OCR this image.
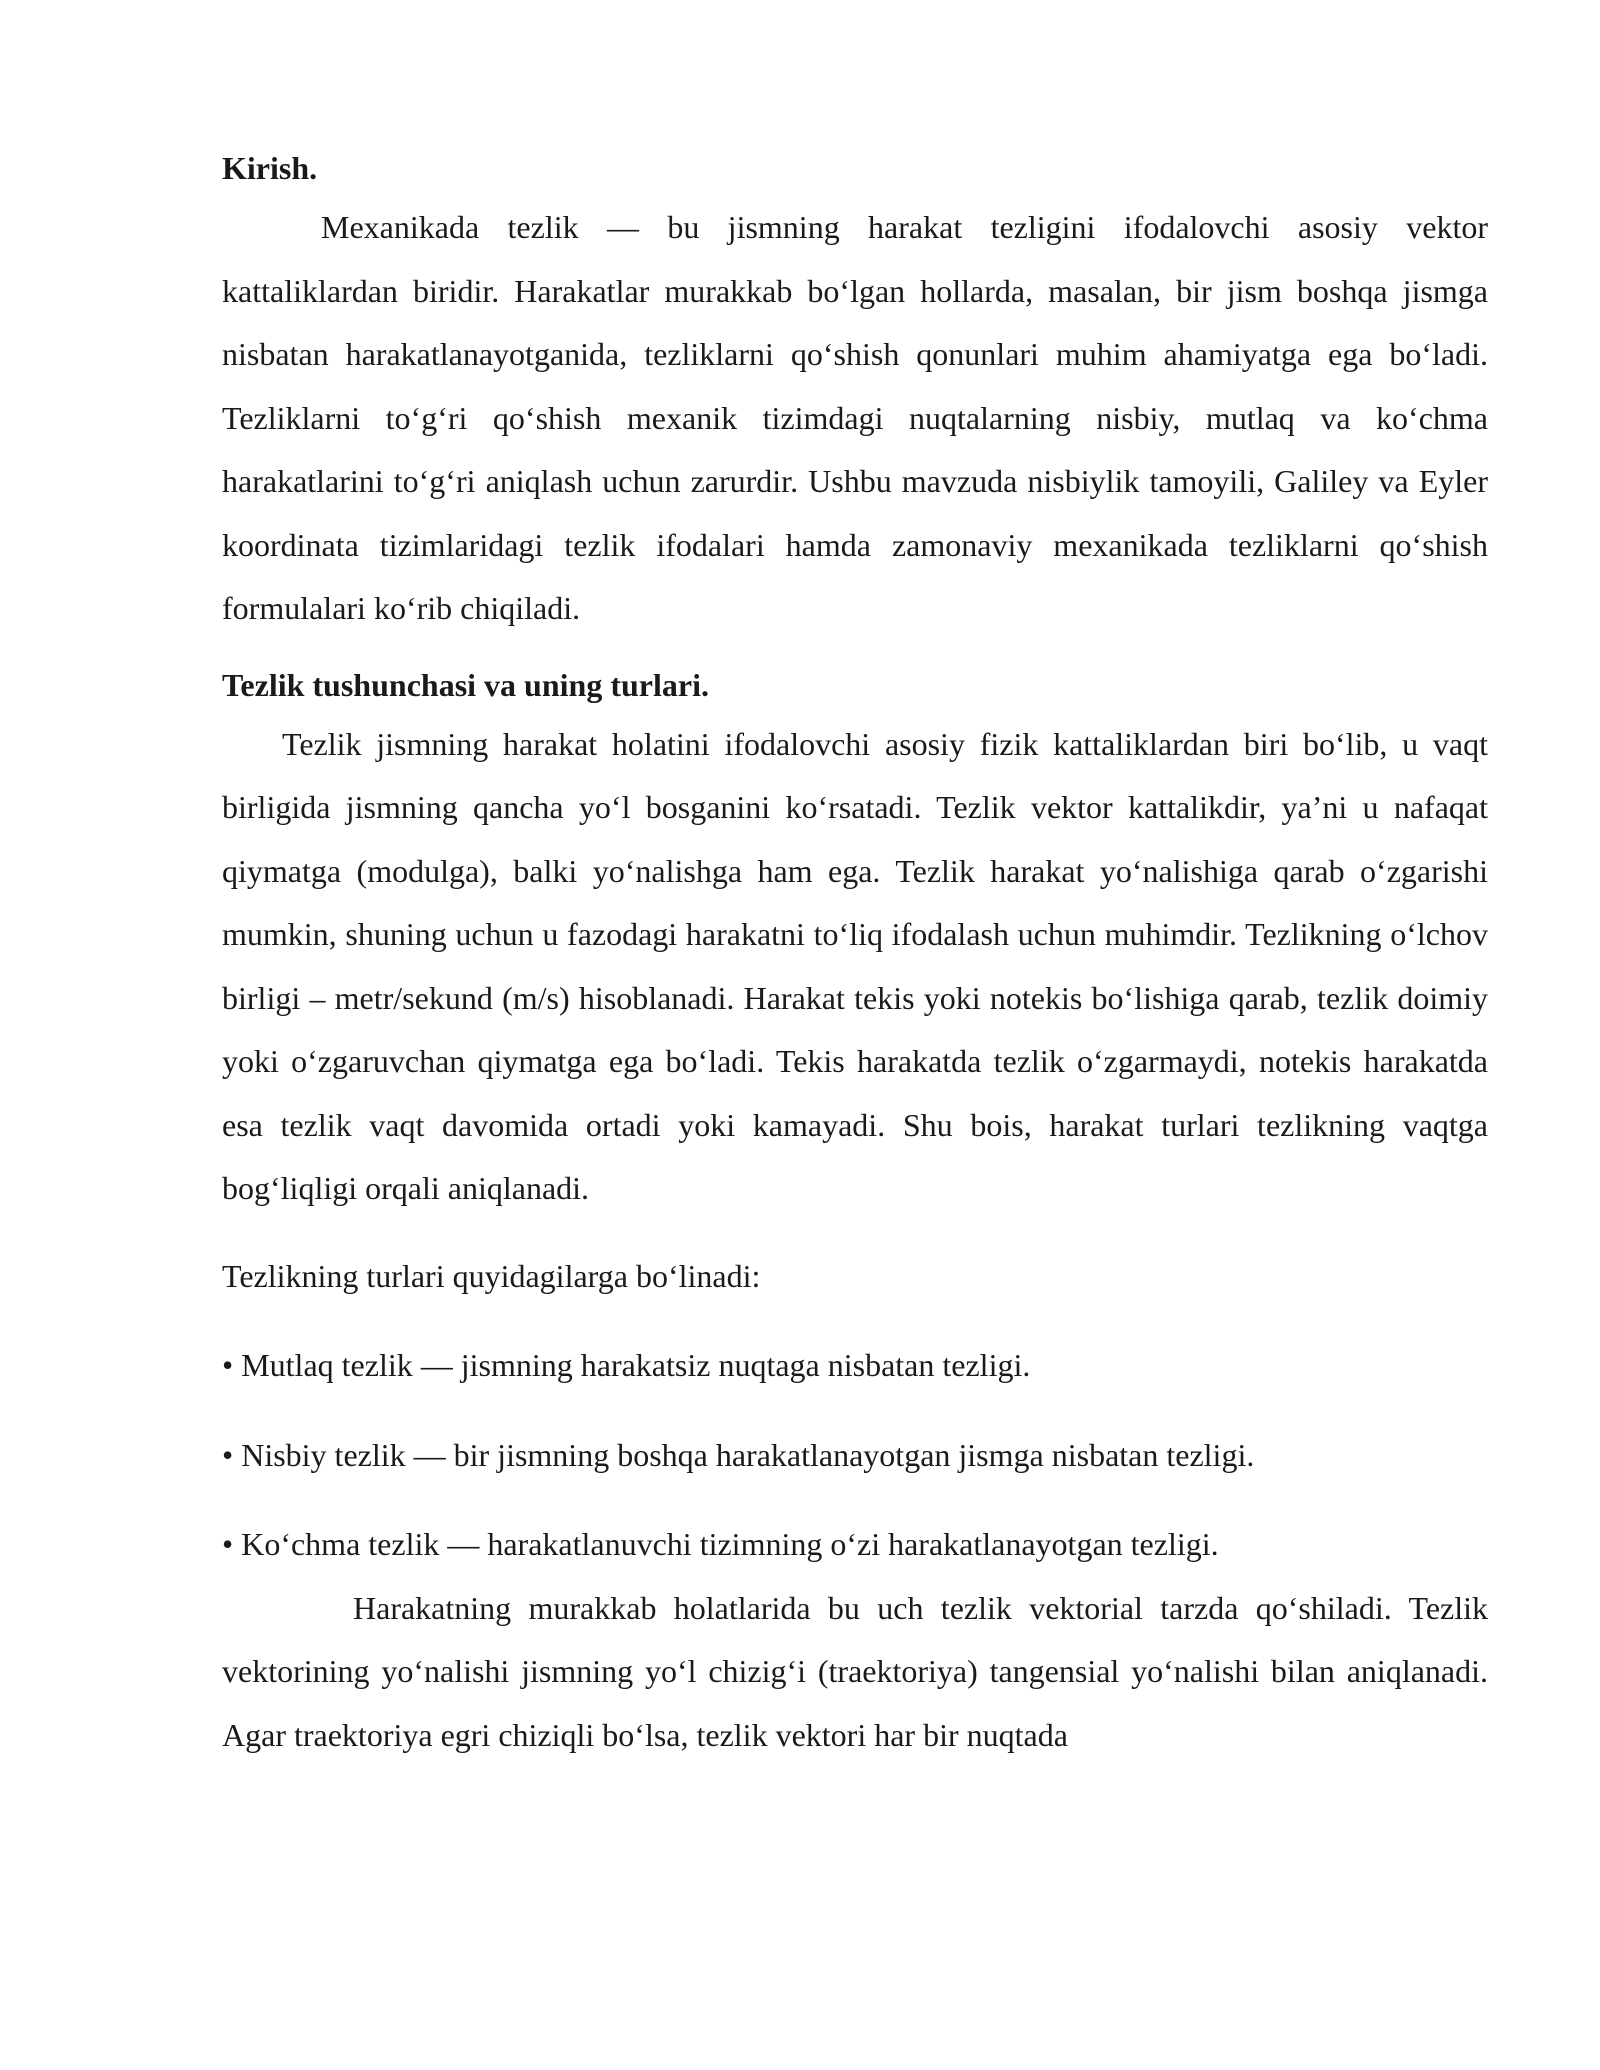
Kirish.

Mexanikada tezlik — bu jismning harakat tezligini ifodalovchi asosiy vektor kattaliklardan biridir. Harakatlar murakkab bo‘lgan hollarda, masalan, bir jism boshqa jismga nisbatan harakatlanayotganida, tezliklarni qo‘shish qonunlari muhim ahamiyatga ega bo‘ladi. Tezliklarni to‘g‘ri qo‘shish mexanik tizimdagi nuqtalarning nisbiy, mutlaq va ko‘chma harakatlarini to‘g‘ri aniqlash uchun zarurdir. Ushbu mavzuda nisbiylik tamoyili, Galiley va Eyler koordinata tizimlaridagi tezlik ifodalari hamda zamonaviy mexanikada tezliklarni qo‘shish formulalari ko‘rib chiqiladi.

Tezlik tushunchasi va uning turlari.

Tezlik jismning harakat holatini ifodalovchi asosiy fizik kattaliklardan biri bo‘lib, u vaqt birligida jismning qancha yo‘l bosganini ko‘rsatadi. Tezlik vektor kattalikdir, ya’ni u nafaqat qiymatga (modulga), balki yo‘nalishga ham ega. Tezlik harakat yo‘nalishiga qarab o‘zgarishi mumkin, shuning uchun u fazodagi harakatni to‘liq ifodalash uchun muhimdir. Tezlikning o‘lchov birligi – metr/sekund (m/s) hisoblanadi. Harakat tekis yoki notekis bo‘lishiga qarab, tezlik doimiy yoki o‘zgaruvchan qiymatga ega bo‘ladi. Tekis harakatda tezlik o‘zgarmaydi, notekis harakatda esa tezlik vaqt davomida ortadi yoki kamayadi. Shu bois, harakat turlari tezlikning vaqtga bog‘liqligi orqali aniqlanadi.

Tezlikning turlari quyidagilarga bo‘linadi:

• Mutlaq tezlik — jismning harakatsiz nuqtaga nisbatan tezligi.

• Nisbiy tezlik — bir jismning boshqa harakatlanayotgan jismga nisbatan tezligi.

• Ko‘chma tezlik — harakatlanuvchi tizimning o‘zi harakatlanayotgan tezligi.

Harakatning murakkab holatlarida bu uch tezlik vektorial tarzda qo‘shiladi. Tezlik vektorining yo‘nalishi jismning yo‘l chizig‘i (traektoriya) tangensial yo‘nalishi bilan aniqlanadi. Agar traektoriya egri chiziqli bo‘lsa, tezlik vektori har bir nuqtada
